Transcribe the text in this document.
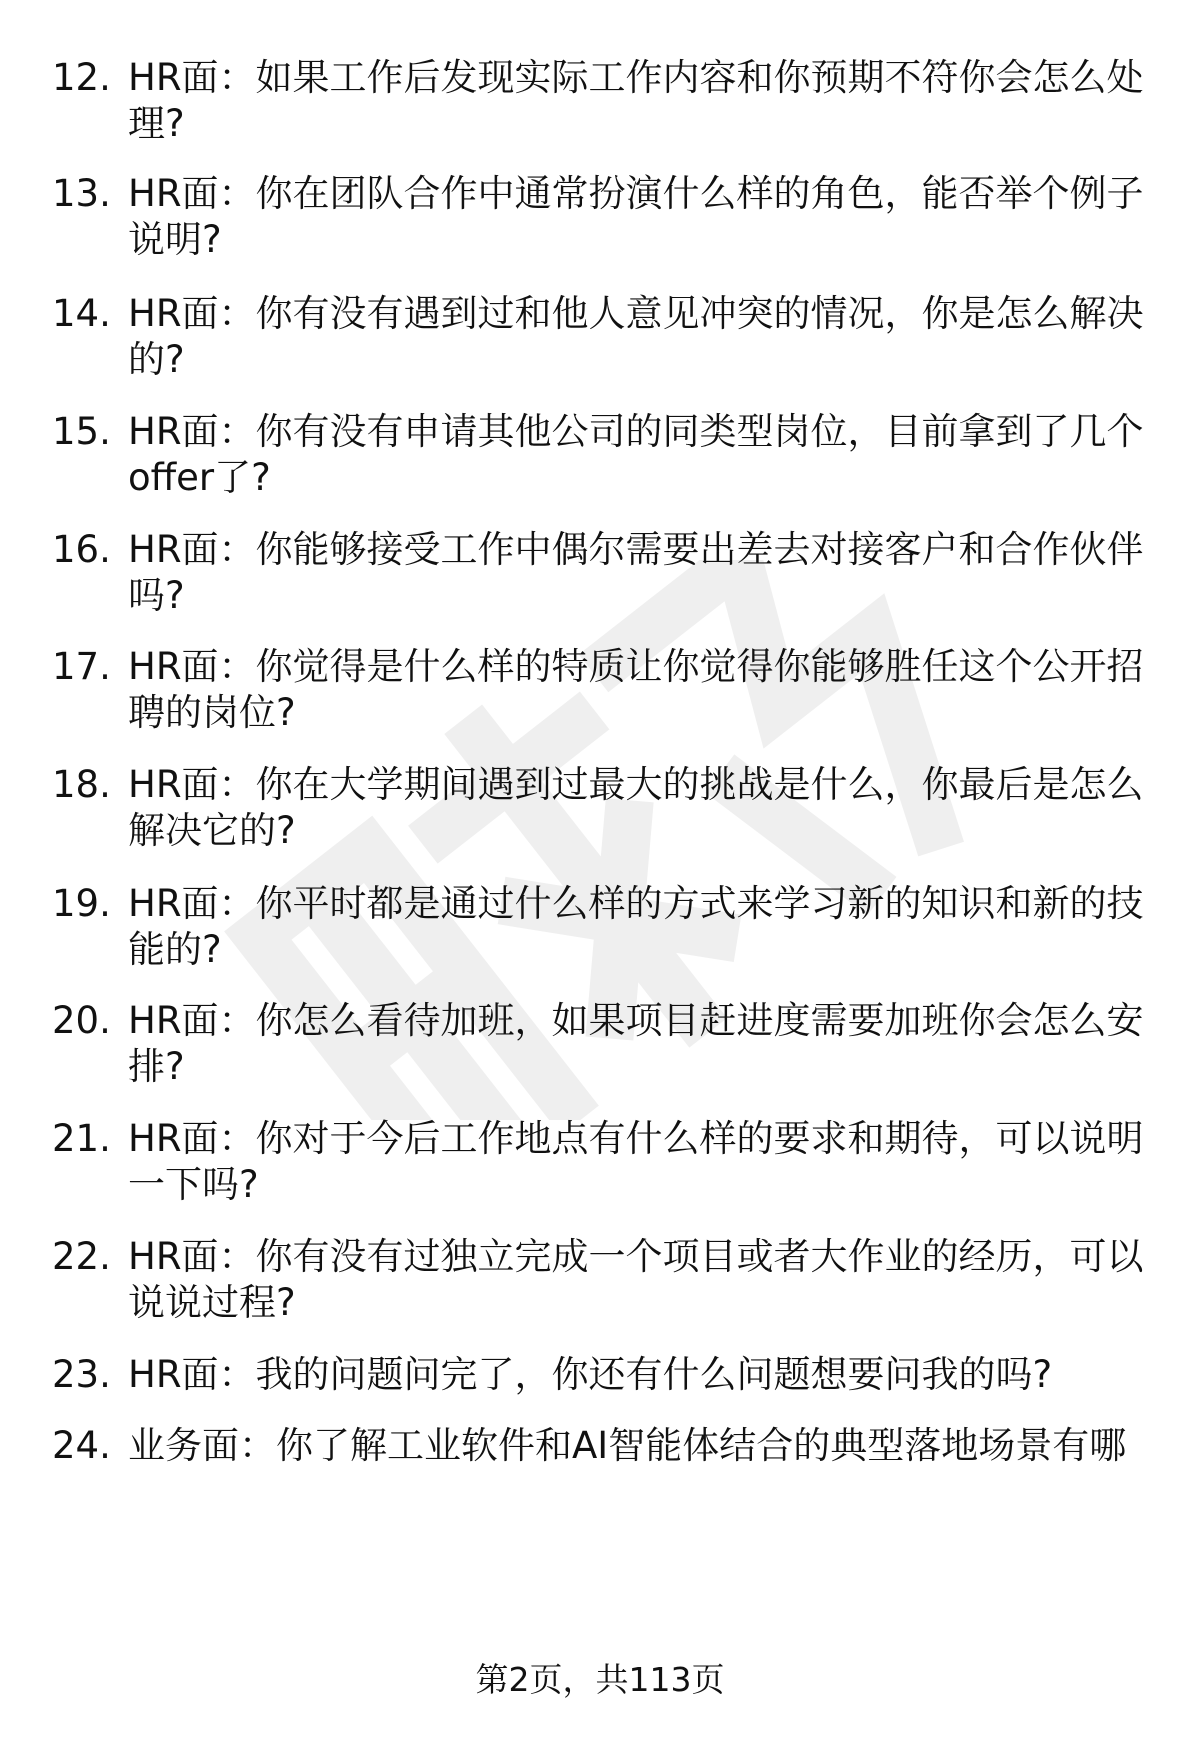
12. HR面：如果工作后发现实际工作内容和你预期不符你会怎么处理?
13. HR面：你在团队合作中通常扮演什么样的角色，能否举个例子说明?
14. HR面：你有没有遇到过和他人意见冲突的情况，你是怎么解决的?
15. HR面：你有没有申请其他公司的同类型岗位，目前拿到了几个offer了?
16. HR面：你能够接受工作中偶尔需要出差去对接客户和合作伙伴吗?
17. HR面：你觉得是什么样的特质让你觉得你能够胜任这个公开招聘的岗位?
18. HR面：你在大学期间遇到过最大的挑战是什么，你最后是怎么解决它的?
19. HR面：你平时都是通过什么样的方式来学习新的知识和新的技能的?
20. HR面：你怎么看待加班，如果项目赶进度需要加班你会怎么安排?
21. HR面：你对于今后工作地点有什么样的要求和期待，可以说明一下吗?
22. HR面：你有没有过独立完成一个项目或者大作业的经历，可以说说过程?
23. HR面：我的问题问完了，你还有什么问题想要问我的吗?
24. 业务面：你了解工业软件和AI智能体结合的典型落地场景有哪
第2页，共113页
